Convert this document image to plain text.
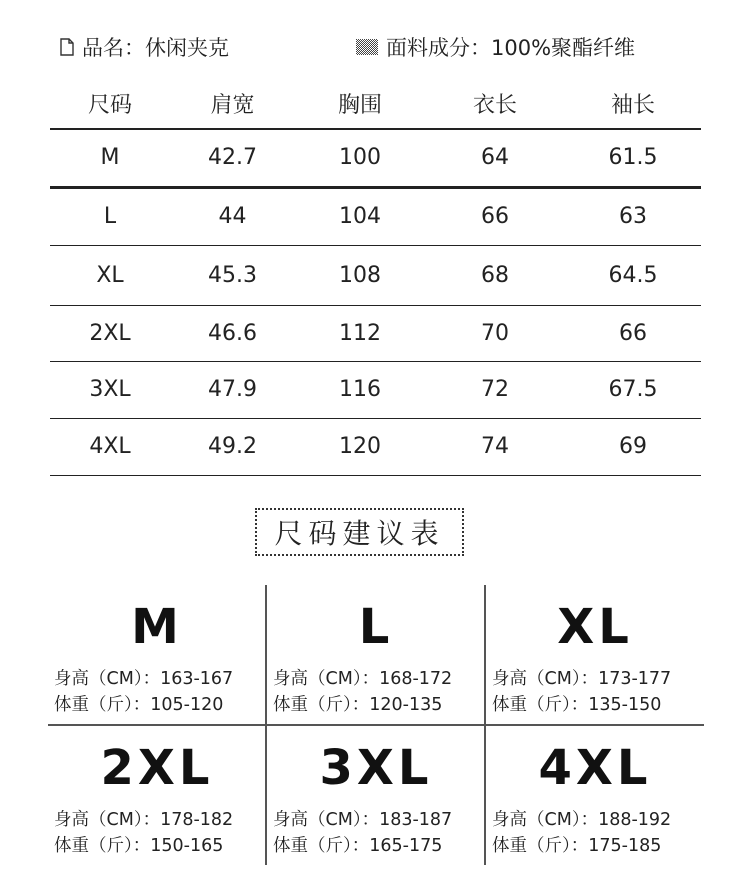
品名：休闲夹克	面料成分：100%聚酯纤维
尺码	肩宽	胸围	衣长	袖长
M	42.7	100	64	61.5
L	44	104	66	63
XL	45.3	108	68	64.5
2XL	46.6	112	70	66
3XL	47.9	116	72	67.5
4XL	49.2	120	74	69
尺码建议表
M
身高（CM）：163-167
体重（斤）：105-120
L
身高（CM）：168-172
体重（斤）：120-135
XL
身高（CM）：173-177
体重（斤）：135-150
2XL
身高（CM）：178-182
体重（斤）：150-165
3XL
身高（CM）：183-187
体重（斤）：165-175
4XL
身高（CM）：188-192
体重（斤）：175-185
